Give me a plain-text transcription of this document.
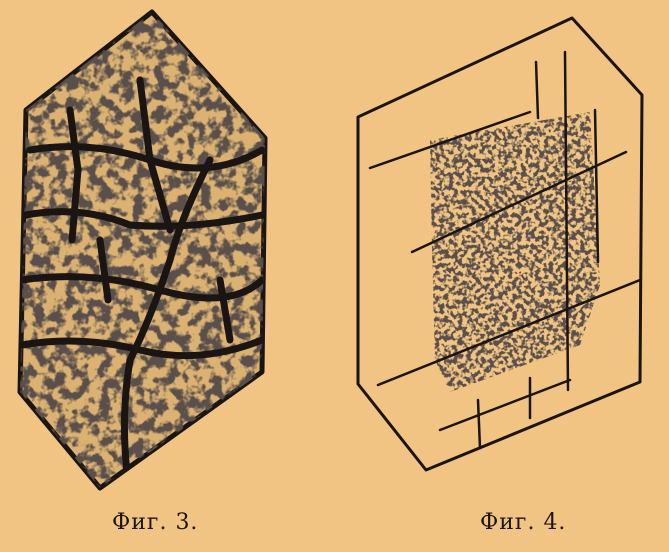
Фиг. 3.	Фиг. 4.
